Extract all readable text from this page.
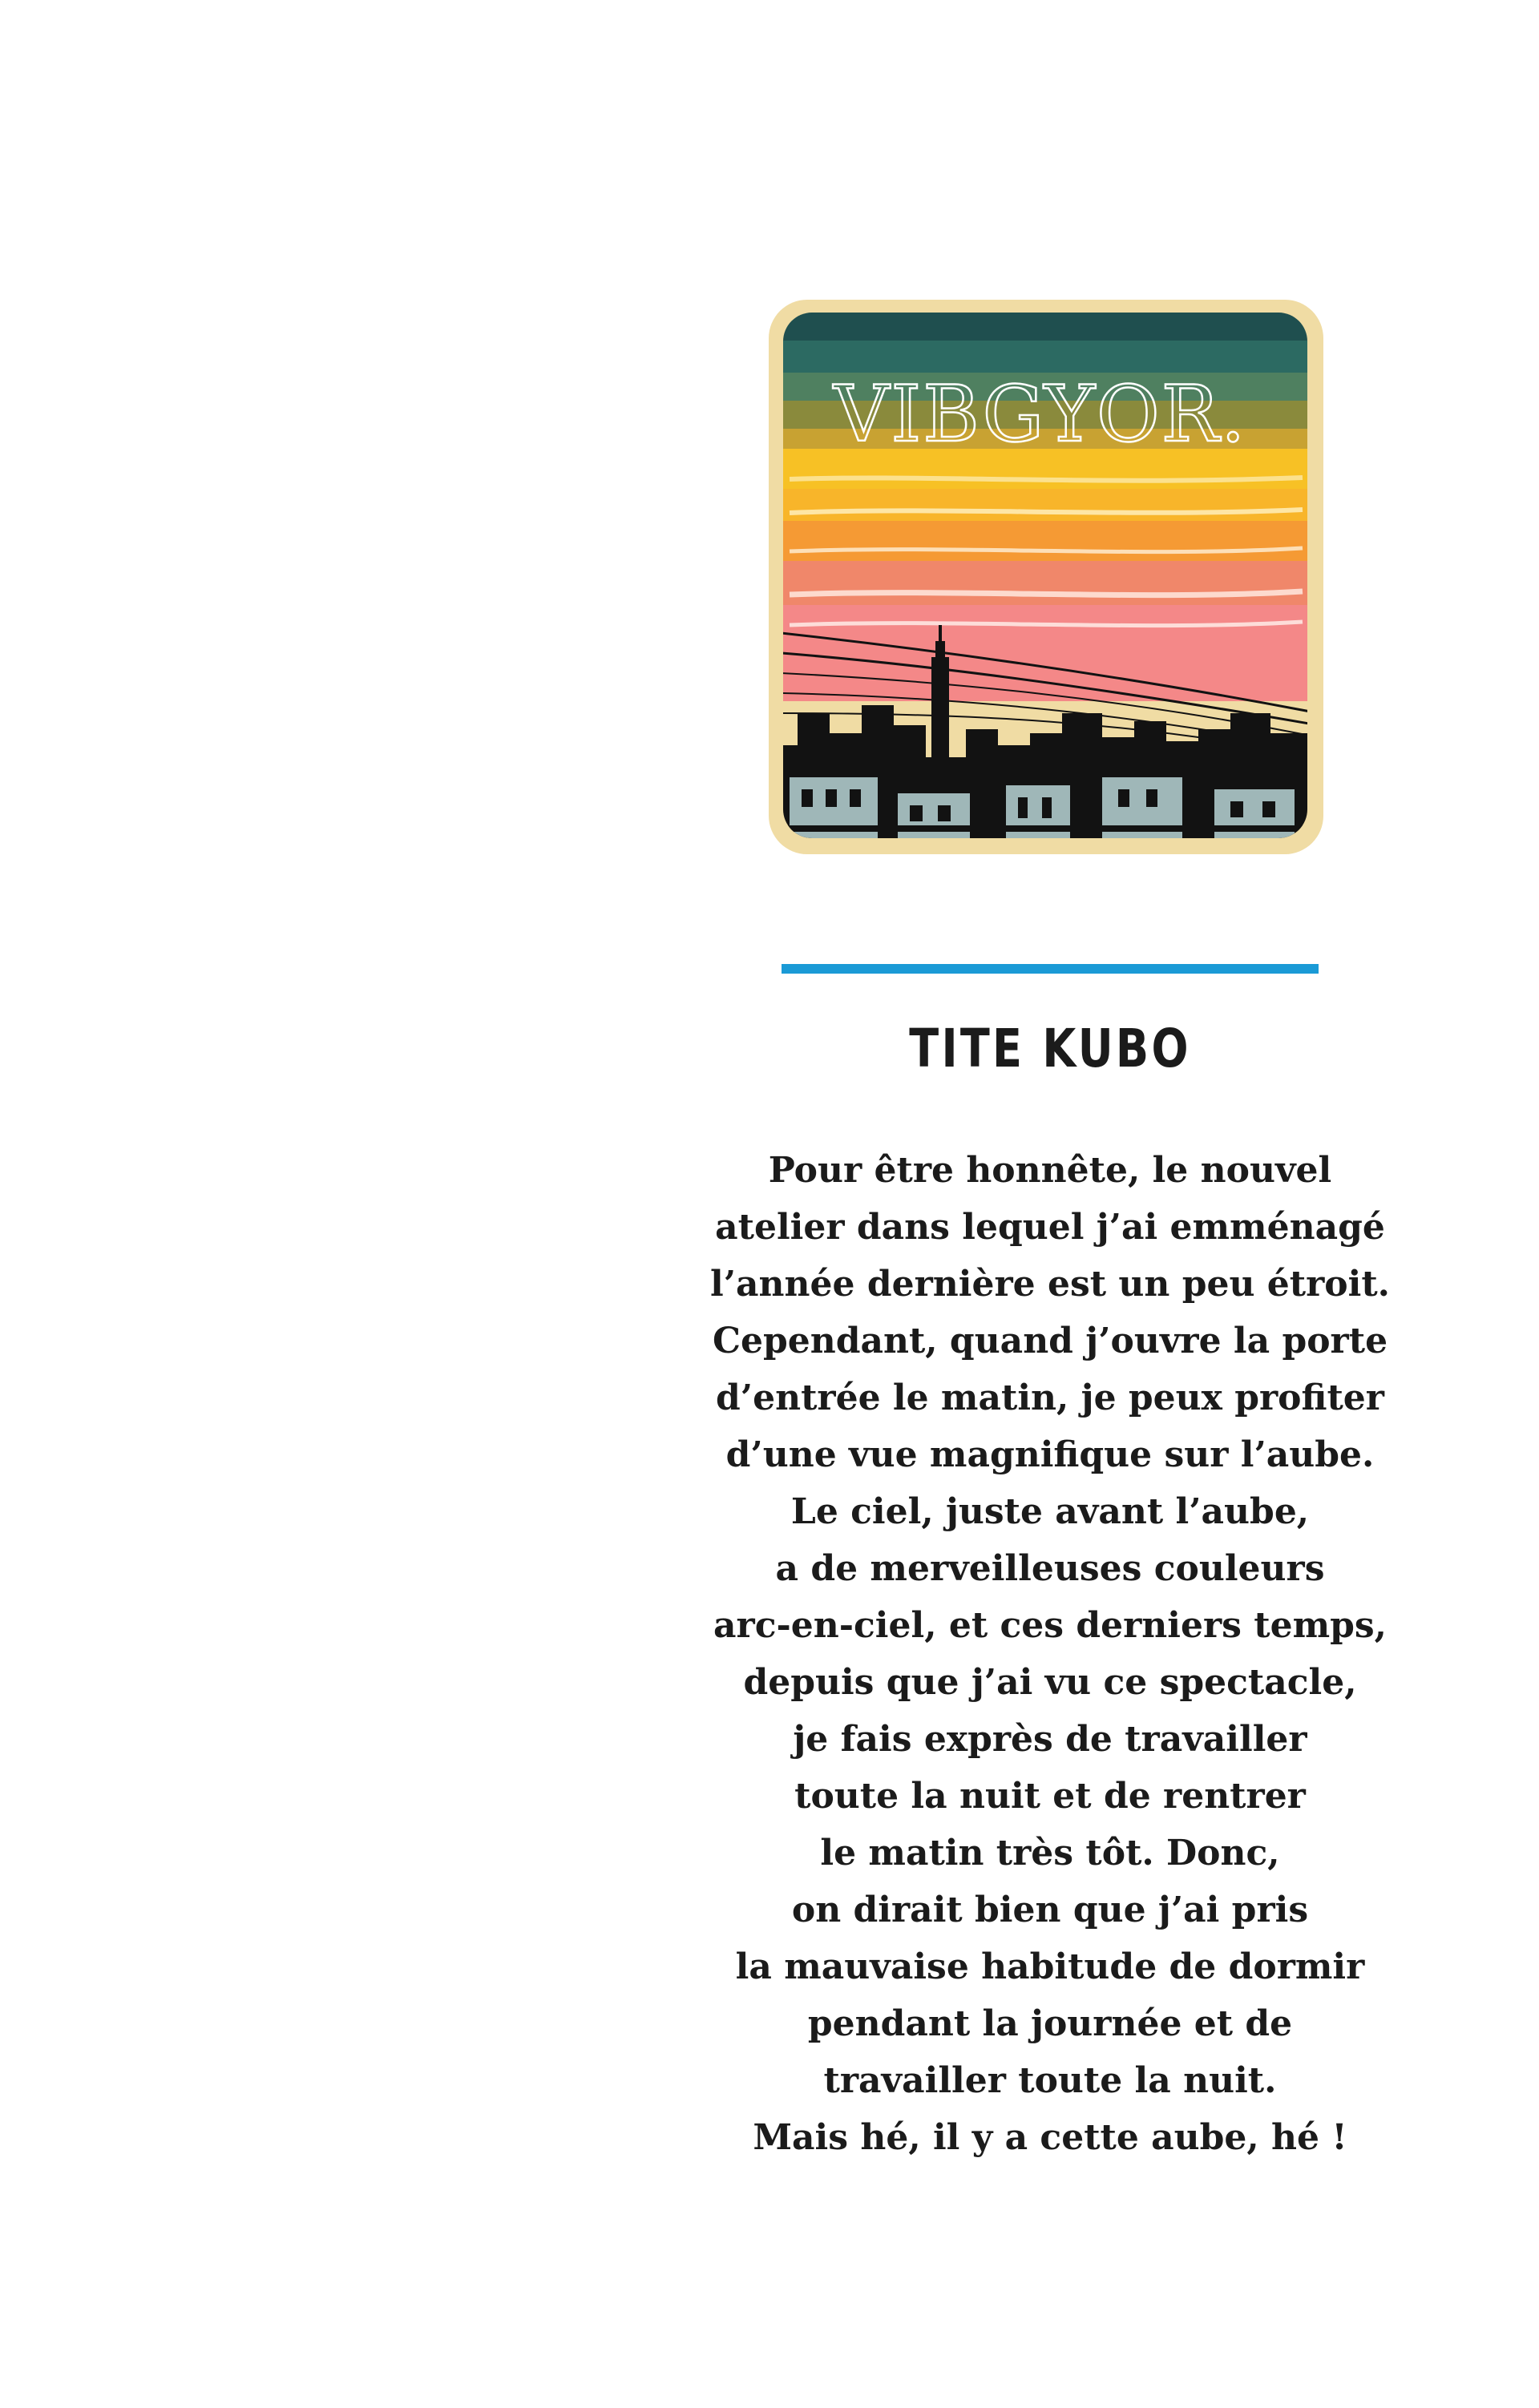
VIBGYOR.
TITE KUBO
Pour être honnête, le nouvel
atelier dans lequel j’ai emménagé
l’année dernière est un peu étroit.
Cependant, quand j’ouvre la porte
d’entrée le matin, je peux profiter
d’une vue magnifique sur l’aube.
Le ciel, juste avant l’aube,
a de merveilleuses couleurs
arc-en-ciel, et ces derniers temps,
depuis que j’ai vu ce spectacle,
je fais exprès de travailler
toute la nuit et de rentrer
le matin très tôt. Donc,
on dirait bien que j’ai pris
la mauvaise habitude de dormir
pendant la journée et de
travailler toute la nuit.
Mais hé, il y a cette aube, hé !
